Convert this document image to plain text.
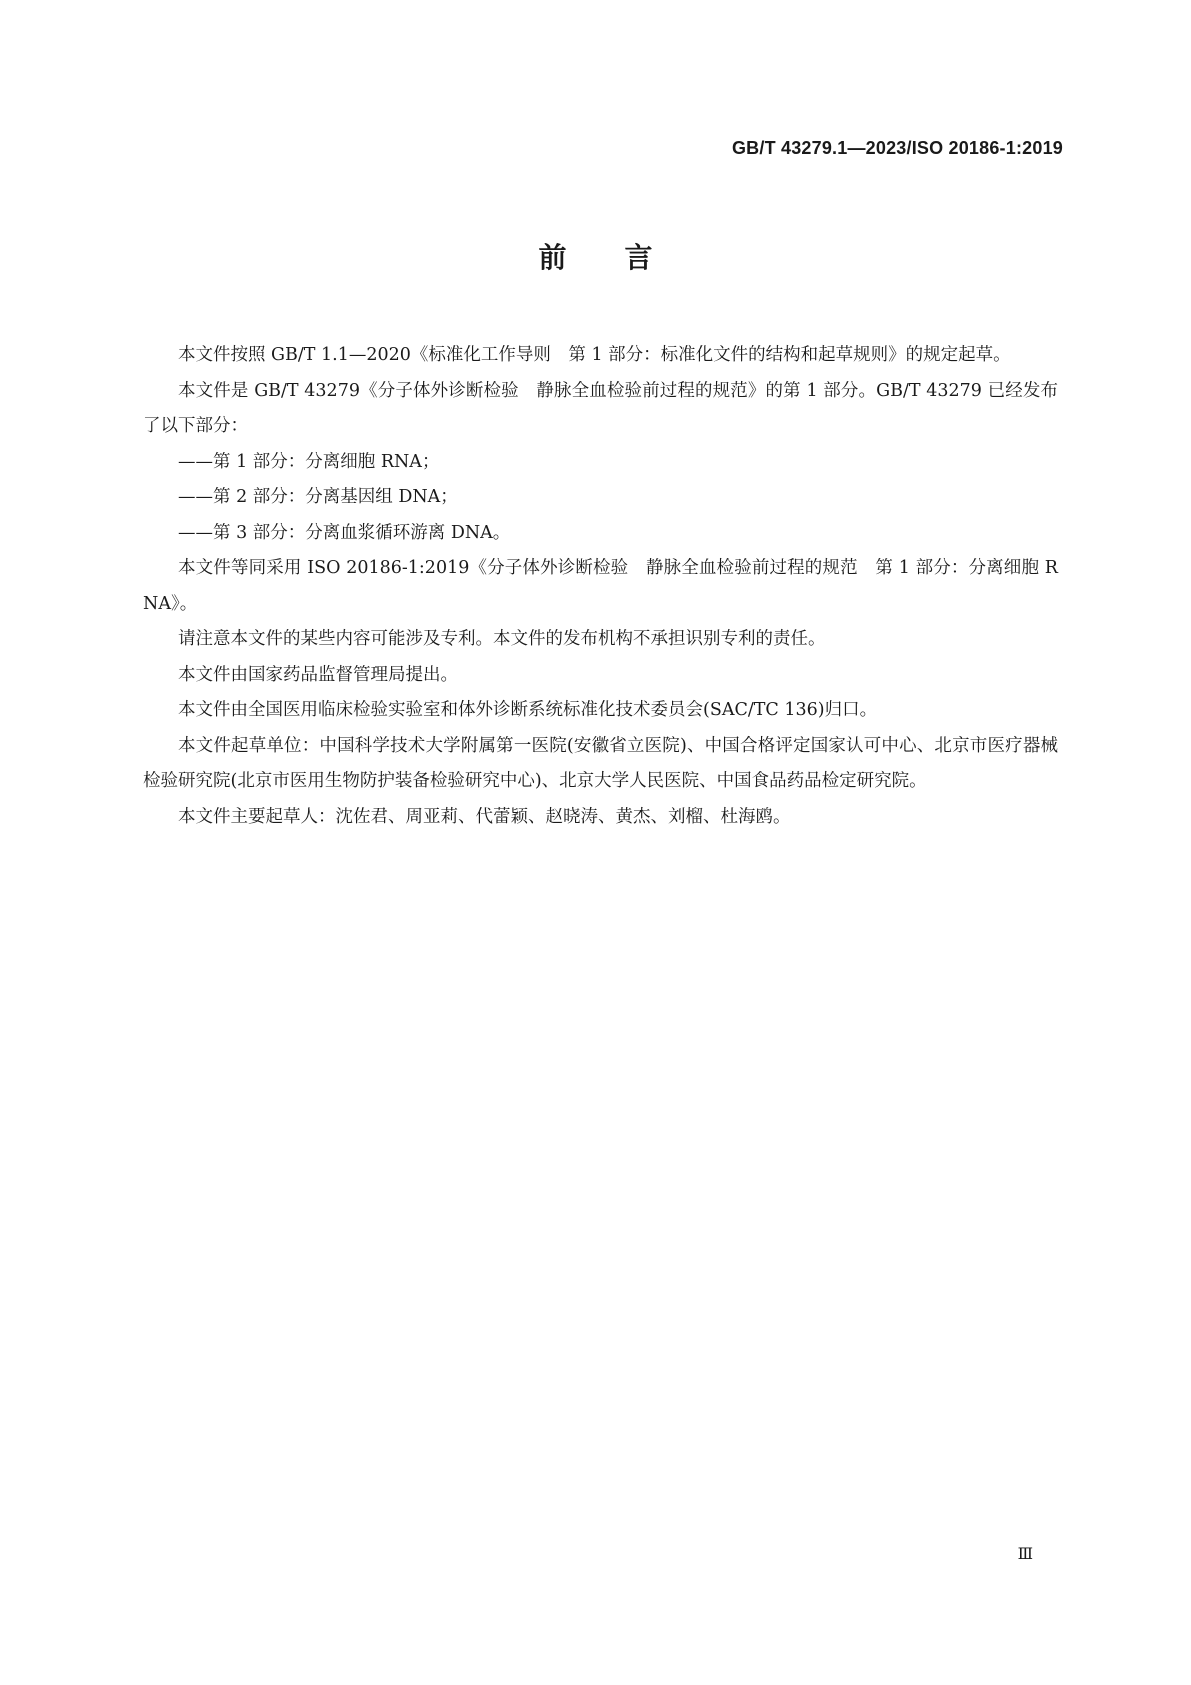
GB/T 43279.1—2023/ISO 20186-1:2019
前言

本文件按照 GB/T 1.1—2020《标准化工作导则　第 1 部分：标准化文件的结构和起草规则》的规定起草。

本文件是 GB/T 43279《分子体外诊断检验　静脉全血检验前过程的规范》的第 1 部分。GB/T 43279 已经发布了以下部分：

——第 1 部分：分离细胞 RNA；

——第 2 部分：分离基因组 DNA；

——第 3 部分：分离血浆循环游离 DNA。

本文件等同采用 ISO 20186-1:2019《分子体外诊断检验　静脉全血检验前过程的规范　第 1 部分：分离细胞 RNA》。

请注意本文件的某些内容可能涉及专利。本文件的发布机构不承担识别专利的责任。

本文件由国家药品监督管理局提出。

本文件由全国医用临床检验实验室和体外诊断系统标准化技术委员会(SAC/TC 136)归口。

本文件起草单位：中国科学技术大学附属第一医院(安徽省立医院)、中国合格评定国家认可中心、北京市医疗器械检验研究院(北京市医用生物防护装备检验研究中心)、北京大学人民医院、中国食品药品检定研究院。

本文件主要起草人：沈佐君、周亚莉、代蕾颖、赵晓涛、黄杰、刘榴、杜海鸥。

Ⅲ
